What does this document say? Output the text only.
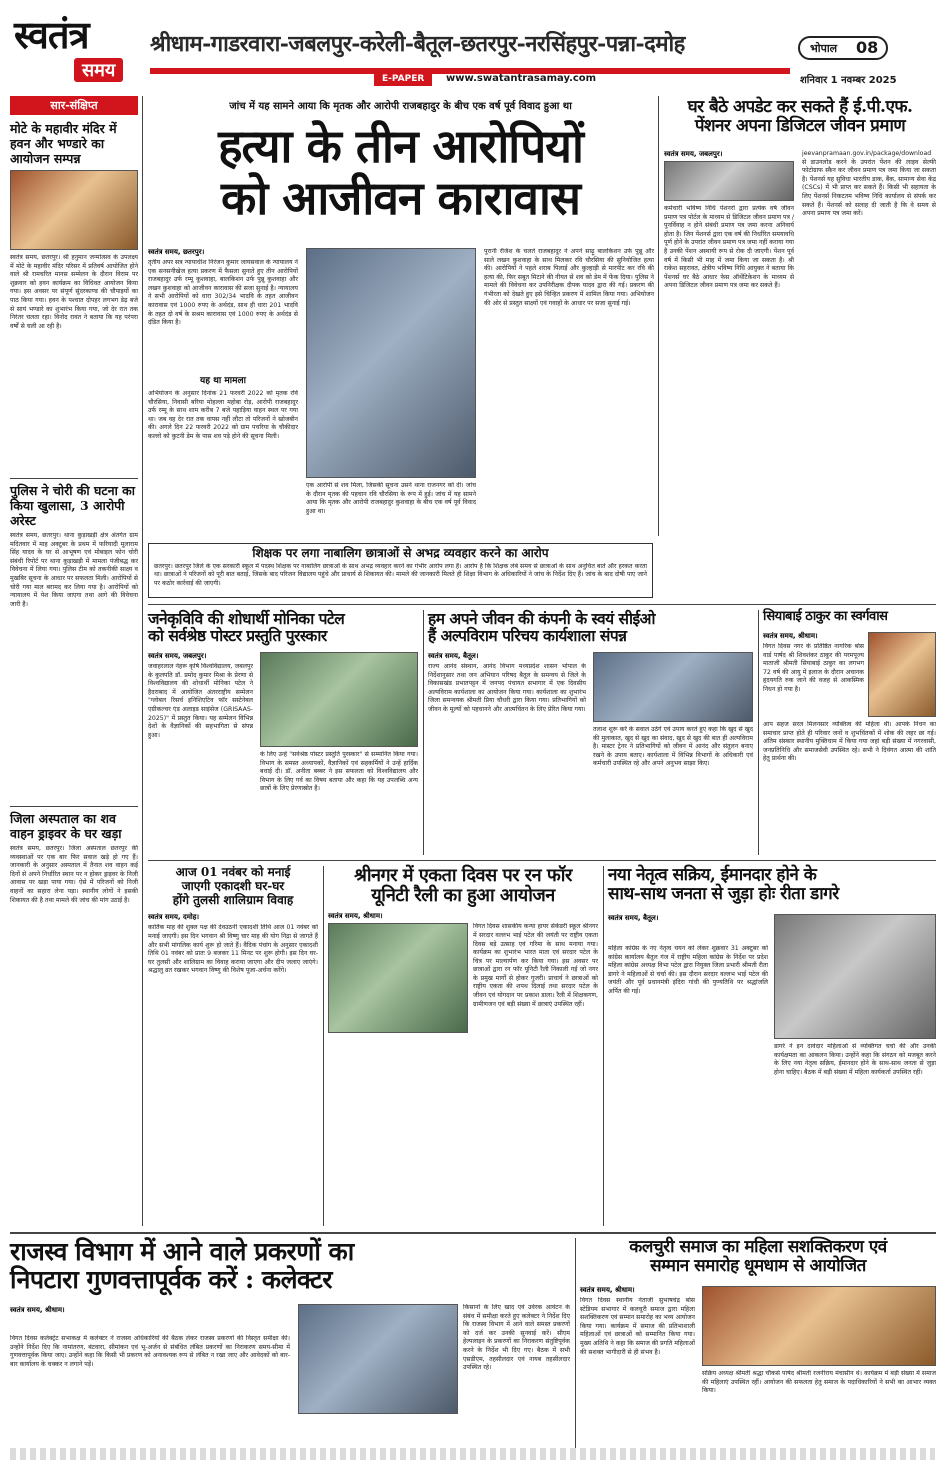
स्वतंत्र
समय
श्रीधाम-गाडरवारा-जबलपुर-करेली-बैतूल-छतरपुर-नरसिंहपुर-पन्ना-दमोह	भोपाल 08
E-PAPER	www.swatantrasamay.com	शनिवार 1 नवम्बर 2025
सार-संक्षिप्त
मोटे के महावीर मंदिर में हवन और भण्डारे का आयोजन सम्पन्न
स्वतंत्र समय, छतरपुर। श्री हनुमान जन्मोत्सव के उपलक्ष्य में मोटे के महावीर मंदिर परिसर में प्रतिवर्ष आयोजित होने वाले श्री रामचरित मानस सम्मेलन के दौरान विराम पर शुक्रवार को हवन कार्यक्रम का विधिवत आयोजन किया गया। इस अवसर पर संपूर्ण सुंदरकाण्ड की चौपाइयों का पाठ किया गया। हवन के पश्चात दोपहर लगभग डेढ़ बजे से सायं भण्डारे का शुभारंभ किया गया, जो देर रात तक निरंतर चलता रहा। विनोद रावत ने बताया कि यह परंपरा वर्षों से चली आ रही है।
पुलिस ने चोरी की घटना का किया खुलासा, 3 आरोपी अरेस्ट
स्वतंत्र समय, छतरपुर। थाना कुड़ाखड़ी क्षेत्र अंतर्गत ग्राम मदितवार में माह अक्टूबर के प्रथम में फरियादी मूलाराम सिंह यादव के घर से आभूषण एवं मोबाइल फोन चोरी संबंधी रिपोर्ट पर थाना कुड़ाखड़ी में मामला पंजीबद्ध कर विवेचना में लिया गया। पुलिस टीम को तकनीकी साक्ष्य व मुखबिर सूचना के आधार पर सफलता मिली। आरोपियों से चोरी गया माल बरामद कर लिया गया है। आरोपियों को न्यायालय में पेश किया जाएगा तथा आगे की विवेचना जारी है।
जिला अस्पताल का शव वाहन ड्राइवर के घर खड़ा
स्वतंत्र समय, छतरपुर। जिला अस्पताल छतरपुर की व्यवस्थाओं पर एक बार फिर सवाल खड़े हो गए हैं। जानकारी के अनुसार अस्पताल में तैनात शव वाहन कई दिनों से अपने निर्धारित स्थान पर न होकर ड्राइवर के निजी आवास पर खड़ा पाया गया। ऐसे में परिजनों को निजी वाहनों का सहारा लेना पड़ा। स्थानीय लोगों ने इसकी शिकायत की है तथा मामले की जांच की मांग उठाई है।
जांच में यह सामने आया कि मृतक और आरोपी राजबहादुर के बीच एक वर्ष पूर्व विवाद हुआ था
हत्या के तीन आरोपियों
को आजीवन कारावास
स्वतंत्र समय, छतरपुर।
तृतीय अपर सत्र न्यायाधीश निरंजन कुमार जायसवाल के न्यायालय ने एक सनसनीखेज हत्या प्रकरण में फैसला सुनाते हुए तीन आरोपियों राजबहादुर उर्फ रम्मू कुशवाहा, बालकिशन उर्फ पुन्नू कुशवाहा और लखन कुशवाहा को आजीवन कारावास की सजा सुनाई है। न्यायालय ने सभी आरोपियों को धारा 302/34 भादवि के तहत आजीवन कारावास एवं 1000 रुपए के अर्थदंड, साथ ही धारा 201 भादवि के तहत दो वर्ष के सश्रम कारावास एवं 1000 रुपए के अर्थदंड से दंडित किया है।
यह था मामला
अभियोजन के अनुसार दिनांक 21 फरवरी 2022 को मृतक रवि चौरसिया, निवासी बरिया मोहल्ला महोबा रोड़, आरोपी राजबहादुर उर्फ रम्मू के साथ शाम करीब 7 बजे पहाड़िया वाहन स्थल पर गया था। जब वह देर रात तक वापस नहीं लौटा तो परिजनों ने खोजबीन की। अगले दिन 22 फरवरी 2022 को ग्राम पचरिया के चौकीदार कल्लो को कुटनी डेम के पास शव पड़े होने की सूचना मिली।
एक आरोपी से शव मिला, जिसकी सूचना उसने थाना राजनगर को दी। जांच के दौरान मृतक की पहचान रवि चौरसिया के रूप में हुई। जांच में यह सामने आया कि मृतक और आरोपी राजबहादुर कुशवाहा के बीच एक वर्ष पूर्व विवाद हुआ था।
पुरानी रंजिश के चलते राजबहादुर ने अपने साढ़ू बालकिशन उर्फ पुन्नू और साले लखन कुशवाहा के साथ मिलकर रवि चौरसिया की सुनियोजित हत्या की। आरोपियों ने पहले शराब पिलाई और कुल्हाड़ी से मारपीट कर रवि की हत्या की, फिर सबूत मिटाने की नीयत से शव को डेम में फेंक दिया। पुलिस ने मामले की विवेचना कर उपनिरीक्षक दीपक यादव द्वारा की गई। प्रकरण की गंभीरता को देखते हुए इसे चिन्हित प्रकरण में शामिल किया गया। अभियोजन की ओर से प्रस्तुत साक्ष्यों एवं गवाहों के आधार पर सजा सुनाई गई।
शिक्षक पर लगा नाबालिग छात्राओं से अभद्र व्यवहार करने का आरोप
छतरपुर। छतरपुर जिले के एक सरकारी स्कूल में पदस्थ शिक्षक पर नाबालिग छात्राओं के साथ अभद्र व्यवहार करने का गंभीर आरोप लगा है। आरोप है कि शिक्षक लंबे समय से छात्राओं के साथ अनुचित बातें और हरकत करता था। छात्राओं ने परिजनों को पूरी बात बताई, जिसके बाद परिजन विद्यालय पहुंचे और प्राचार्य से शिकायत की। मामले की जानकारी मिलते ही शिक्षा विभाग के अधिकारियों ने जांच के निर्देश दिए हैं। जांच के बाद दोषी पाए जाने पर कठोर कार्रवाई की जाएगी।
घर बैठे अपडेट कर सकते हैं ई.पी.एफ.
पेंशनर अपना डिजिटल जीवन प्रमाण
स्वतंत्र समय, जबलपुर।
कर्मचारी भविष्य निधि पेंशनरों द्वारा प्रत्येक वर्ष जीवन प्रमाण पत्र पोर्टल के माध्यम से डिजिटल जीवन प्रमाण पत्र / पुनर्विवाह न होने संबंधी प्रमाण पत्र जमा करना अनिवार्य होता है। जिन पेंशनर्स द्वारा एक वर्ष की निर्धारित समयावधि पूर्ण होने के उपरांत जीवन प्रमाण पत्र जमा नहीं कराया गया है उनकी पेंशन अस्थायी रूप से रोक दी जाएगी। पेंशन पूर्व वर्ष में किसी भी माह में जमा किया जा सकता है। श्री राकेश सहरावत, क्षेत्रीय भविष्य निधि आयुक्त ने बताया कि पेंशनर्स घर बैठे आधार फेस ऑथेंटिकेशन के माध्यम से अपना डिजिटल जीवन प्रमाण पत्र जमा कर सकते हैं।
jeevanpramaan.gov.in/package/download से डाउनलोड करने के उपरांत पेंशन की लाइव सेल्फी फोटोग्राफ स्कैन कर जीवन प्रमाण पत्र जमा किया जा सकता है। पेंशनर्स यह सुविधा भारतीय डाक, बैंक, सामान्य सेवा केंद्र (CSCs) में भी प्राप्त कर सकते हैं। किसी भी सहायता के लिए पेंशनर्स निकटतम भविष्य निधि कार्यालय से संपर्क कर सकते हैं। पेंशनर्स को सलाह दी जाती है कि वे समय से अपना प्रमाण पत्र जमा करें।
जनेकृविवि की शोधार्थी मोनिका पटेल
को सर्वश्रेष्ठ पोस्टर प्रस्तुति पुरस्कार
स्वतंत्र समय, जबलपुर।
जवाहरलाल नेहरू कृषि विश्वविद्यालय, जबलपुर के कुलपति डॉ. प्रमोद कुमार मिश्रा के प्रेरणा से विश्वविद्यालय की शोधार्थी मोनिका पटेल ने हैदराबाद में आयोजित अंतरराष्ट्रीय सम्मेलन "ग्लोबल रिसर्च इनिशिएटिव फॉर सस्टेनेबल एग्रीकल्चर एंड अलाइड साइंसेज (GRISAAS-2025)" में प्रस्तुत किया। यह सम्मेलन विभिन्न देशों के वैज्ञानिकों की सहभागिता से संपन्न हुआ।
के लिए उन्हें "सर्वश्रेष्ठ पोस्टर प्रस्तुति पुरस्कार" से सम्मानित किया गया। विभाग के समस्त अध्यापकों, वैज्ञानिकों एवं सहकर्मियों ने उन्हें हार्दिक बधाई दी। डॉ. अनीता बब्बर ने इस सफलता को विश्वविद्यालय और विभाग के लिए गर्व का विषय बताया और कहा कि यह उपलब्धि अन्य छात्रों के लिए प्रेरणास्रोत है।
हम अपने जीवन की कंपनी के स्वयं सीईओ
हैं अल्पविराम परिचय कार्यशाला संपन्न
स्वतंत्र समय, बैतूल।
राज्य आनंद संस्थान, आनंद विभाग मध्यप्रदेश शासन भोपाल के निर्देशानुसार तथा जन अभियान परिषद बैतूल के समन्वय से जिले के विकासखंड प्रभातपट्टन में जनपद पंचायत सभागार में एक दिवसीय अल्पविराम कार्यशाला का आयोजन किया गया। कार्यशाला का शुभारंभ जिला समन्वयक श्रीमती प्रिया चौधरी द्वारा किया गया। प्रतिभागियों को जीवन के मूल्यों को पहचानने और आत्मचिंतन के लिए प्रेरित किया गया।
तलाश शुरू करें के सवाल उठेंगे एवं उपाय करते हुए कहा कि खुद से खुद की मुलाकात, खुद से खुद का संवाद, खुद से खुद की बात ही अल्पविराम है। मास्टर ट्रेनर ने प्रतिभागियों को जीवन में आनंद और संतुलन बनाए रखने के उपाय बताए। कार्यशाला में विभिन्न विभागों के अधिकारी एवं कर्मचारी उपस्थित रहे और अपने अनुभव साझा किए।
सियाबाई ठाकुर का स्वर्गवास
स्वतंत्र समय, श्रीधाम।
विगत दिवस नगर के प्रतिष्ठित नागरिक बोस वार्ड पार्षद श्री शिवशंकर ठाकुर की परमपूज्य माताजी श्रीमती सियाबाई ठाकुर का लगभग 72 वर्ष की आयु में इलाज के दौरान अचानक हृदयगति रुक जाने की वजह से आकस्मिक निधन हो गया है।
आप सहज सरल मिलनसार व्यक्तित्व की महिला थी। आपके निधन का समाचार प्राप्त होते ही परिवार जनों व शुभचिंतकों में शोक की लहर छा गई। अंतिम संस्कार स्थानीय मुक्तिधाम में किया गया जहां बड़ी संख्या में नगरवासी, जनप्रतिनिधि और समाजसेवी उपस्थित रहे। सभी ने दिवंगत आत्मा की शांति हेतु प्रार्थना की।
आज 01 नवंबर को मनाई
जाएगी एकादशी घर-घर
होंगे तुलसी शालिग्राम विवाह
स्वतंत्र समय, दमोह।
कार्तिक माह की शुक्ल पक्ष की देवउठनी एकादशी तिथि आज 01 नवंबर को मनाई जाएगी। इस दिन भगवान श्री विष्णु चार माह की योग निद्रा से जागते हैं और सभी मांगलिक कार्य शुरू हो जाते हैं। वैदिक पंचांग के अनुसार एकादशी तिथि 01 नवंबर को प्रातः 9 बजकर 11 मिनट पर शुरू होगी। इस दिन घर-घर तुलसी और शालिग्राम का विवाह कराया जाएगा और दीप जलाए जाएंगे। श्रद्धालु व्रत रखकर भगवान विष्णु की विशेष पूजा-अर्चना करेंगे।
श्रीनगर में एकता दिवस पर रन फॉर
यूनिटी रैली का हुआ आयोजन
स्वतंत्र समय, श्रीधाम।
विगत दिवस शासकीय कन्या हायर सेकेंडरी स्कूल श्रीनगर में सरदार वल्लभ भाई पटेल की जयंती पर राष्ट्रीय एकता दिवस बड़े उत्साह एवं गरिमा के साथ मनाया गया। कार्यक्रम का शुभारंभ भारत माता एवं सरदार पटेल के चित्र पर माल्यार्पण कर किया गया। इस अवसर पर छात्राओं द्वारा रन फॉर यूनिटी रैली निकाली गई जो नगर के प्रमुख मार्गों से होकर गुजरी। प्राचार्य ने छात्राओं को राष्ट्रीय एकता की शपथ दिलाई तथा सरदार पटेल के जीवन एवं योगदान पर प्रकाश डाला। रैली में शिक्षकगण, ग्रामीणजन एवं बड़ी संख्या में छात्राएं उपस्थित रहीं।
नया नेतृत्व सक्रिय, ईमानदार होने के
साथ-साथ जनता से जुड़ा होः रीता डागरे
स्वतंत्र समय, बैतूल।
महिला कांग्रेस के नए नेतृत्व चयन को लेकर शुक्रवार 31 अक्टूबर को कांग्रेस कार्यालय बैतूल गंज में राष्ट्रीय महिला कांग्रेस के निर्देश पर प्रदेश महिला कांग्रेस अध्यक्ष विभा पटेल द्वारा नियुक्त जिला प्रभारी श्रीमती रीता डागरे ने महिलाओं से चर्चा की। इस दौरान सरदार वल्लभ भाई पटेल की जयंती और पूर्व प्रधानमंत्री इंदिरा गांधी की पुण्यतिथि पर श्रद्धांजलि अर्पित की गई।
डागरे ने इन दावेदार महिलाओं से व्यक्तिगत चर्चा की और उनकी कार्यक्षमता का आकलन किया। उन्होंने कहा कि संगठन को मजबूत करने के लिए नया नेतृत्व सक्रिय, ईमानदार होने के साथ-साथ जनता से जुड़ा होना चाहिए। बैठक में बड़ी संख्या में महिला कार्यकर्ता उपस्थित रहीं।
राजस्व विभाग में आने वाले प्रकरणों का
निपटारा गुणवत्तापूर्वक करें : कलेक्टर
स्वतंत्र समय, श्रीधाम।
विगत दिवस कलेक्ट्रेट सभाकक्ष में कलेक्टर ने राजस्व अधिकारियों की बैठक लेकर राजस्व प्रकरणों की विस्तृत समीक्षा की। उन्होंने निर्देश दिए कि नामांतरण, बंटवारा, सीमांकन एवं भू-अर्जन से संबंधित लंबित प्रकरणों का निराकरण समय-सीमा में गुणवत्तापूर्वक किया जाए। उन्होंने कहा कि किसी भी प्रकरण को अनावश्यक रूप से लंबित न रखा जाए और आवेदकों को बार-बार कार्यालय के चक्कर न लगाने पड़ें।
किसानों के लिए खाद एवं उर्वरक आवंटन के संबंध में समीक्षा करते हुए कलेक्टर ने निर्देश दिए कि राजस्व विभाग में आने वाले समस्त प्रकरणों को दर्ज कर उनकी सुनवाई करें। सीएम हेल्पलाइन के प्रकरणों का निराकरण संतुष्टिपूर्वक करने के निर्देश भी दिए गए। बैठक में सभी एसडीएम, तहसीलदार एवं नायब तहसीलदार उपस्थित रहे।
कलचुरी समाज का महिला सशक्तिकरण एवं
सम्मान समारोह धूमधाम से आयोजित
स्वतंत्र समय, श्रीधाम।
विगत दिवस स्थानीय नेताजी सुभाषचंद्र बोस स्टेडियम सभागार में कलचुरी समाज द्वारा महिला सशक्तिकरण एवं सम्मान समारोह का भव्य आयोजन किया गया। कार्यक्रम में समाज की प्रतिभाशाली महिलाओं एवं छात्राओं को सम्मानित किया गया। मुख्य अतिथि ने कहा कि समाज की प्रगति महिलाओं की सशक्त भागीदारी से ही संभव है।
सक्रिय अध्यक्ष श्रीमती श्रद्धा चौकसे पार्षद श्रीमती रजनीराय मंचासीन थे। कार्यक्रम में बड़ी संख्या में समाज की महिलाएं उपस्थित रहीं। आयोजन की सफलता हेतु समाज के पदाधिकारियों ने सभी का आभार व्यक्त किया।
